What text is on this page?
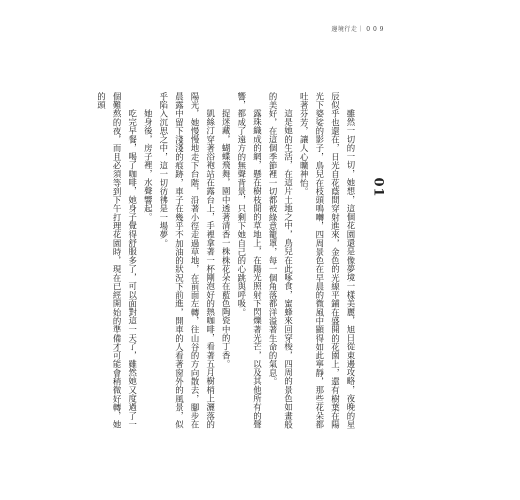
邊境行走｜ 0 0 9
01

雖然一切的一切，她想，這個花園還是像夢境一樣美麗，旭日從東邊攻略，夜晚的星辰似乎也還在，日光自花蔭間穿射進來，金色的光線平鋪在盛開的花園上，還有樹葉在陽光下婆娑的影子，鳥兒在枝頭鳴囀，四周景色在早晨的微風中顯得如此寧靜，那些花朵都吐著芬芳，讓人心曠神怡。

這是她的生活，在這片土地之中，鳥兒在此啄食，蜜蜂來回穿梭，四周的景色如畫般的美好，在這個季節裡一切都被綠意籠罩，每一個角落都洋溢著生命的氣息。

露珠織成的網，懸在樹枝間的草地上，在陽光照射下閃爍著光芒，以及其他所有的聲響，都成了遠方的無聲背景，只剩下她自己的心跳與呼吸。

捉迷藏，蝴蝶飛舞，園中透著清香一株株花朵在藍色陶瓷中的丁香。

凱絲汀穿著浴袍站在露台上，手裡拿著一杯剛泡好的熱咖啡，看著五月樹梢上灑落的陽光，她慢慢地走下台階，沿著小徑走過草地，在前面左轉，往山谷的方向散去，腳步在晨露中留下淺淺的痕跡，車子在幾乎不加油的狀況下前進，開車的人看著窗外的風景，似乎陷入沉思之中，這一切彷彿是一場夢。

她身後，房子裡，水聲響起。

吃完早餐，喝了咖啡，她身子覺得舒服多了，可以面對這一天了，雖然她又度過了一個難熬的夜，而且必須等到下午打理花園時，現在已經開始的準備才可能會稍微好轉，她的頭
